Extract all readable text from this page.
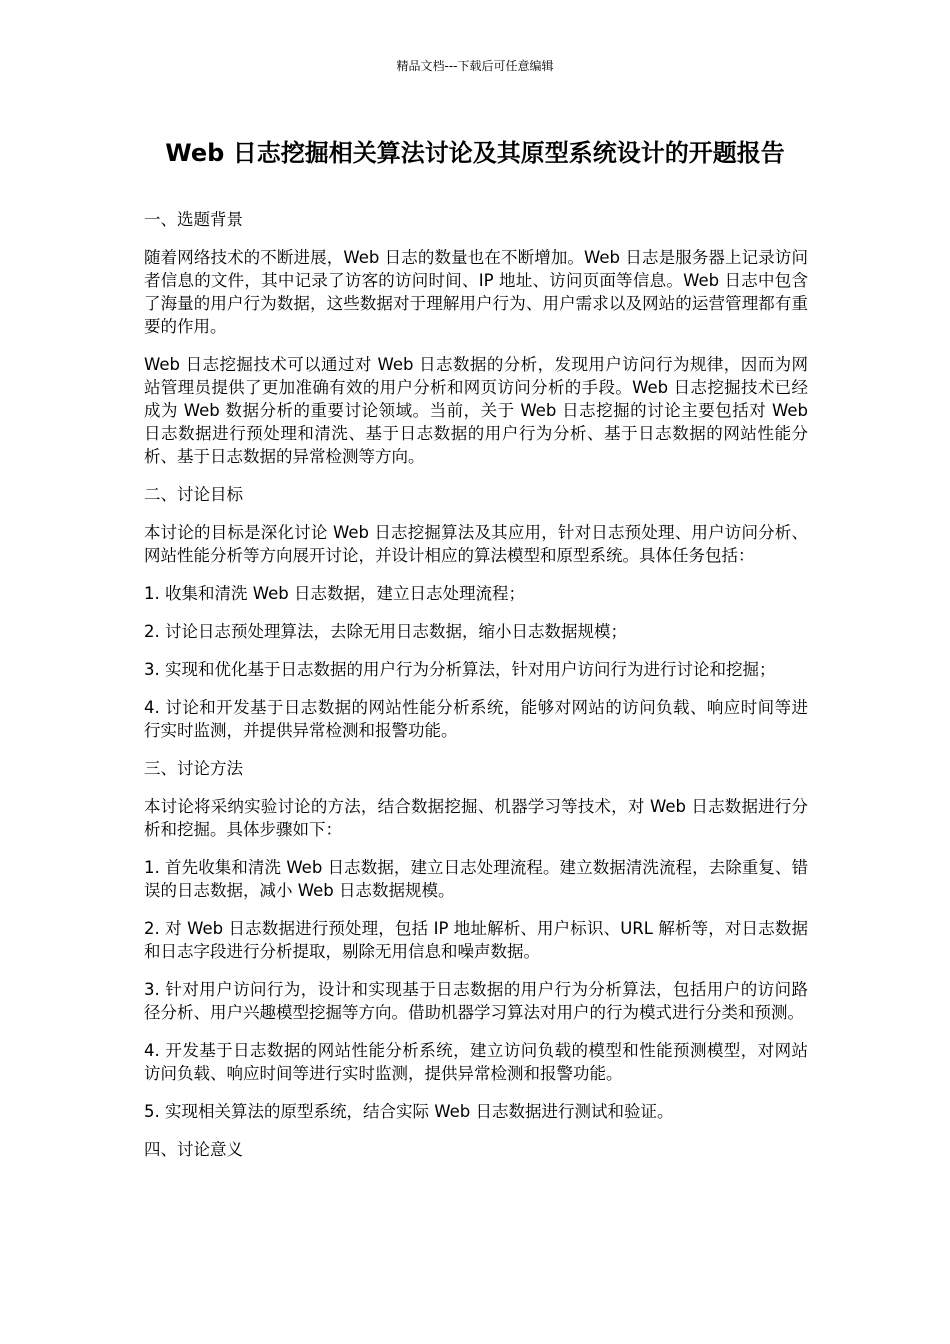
精品文档---下载后可任意编辑
Web 日志挖掘相关算法讨论及其原型系统设计的开题报告
一、选题背景

随着网络技术的不断进展，Web 日志的数量也在不断增加。Web 日志是服务器上记录访问者信息的文件，其中记录了访客的访问时间、IP 地址、访问页面等信息。Web 日志中包含了海量的用户行为数据，这些数据对于理解用户行为、用户需求以及网站的运营管理都有重要的作用。

Web 日志挖掘技术可以通过对 Web 日志数据的分析，发现用户访问行为规律，因而为网站管理员提供了更加准确有效的用户分析和网页访问分析的手段。Web 日志挖掘技术已经成为 Web 数据分析的重要讨论领域。当前，关于 Web 日志挖掘的讨论主要包括对 Web 日志数据进行预处理和清洗、基于日志数据的用户行为分析、基于日志数据的网站性能分析、基于日志数据的异常检测等方向。

二、讨论目标

本讨论的目标是深化讨论 Web 日志挖掘算法及其应用，针对日志预处理、用户访问分析、网站性能分析等方向展开讨论，并设计相应的算法模型和原型系统。具体任务包括：

1. 收集和清洗 Web 日志数据，建立日志处理流程；

2. 讨论日志预处理算法，去除无用日志数据，缩小日志数据规模；

3. 实现和优化基于日志数据的用户行为分析算法，针对用户访问行为进行讨论和挖掘；

4. 讨论和开发基于日志数据的网站性能分析系统，能够对网站的访问负载、响应时间等进行实时监测，并提供异常检测和报警功能。

三、讨论方法

本讨论将采纳实验讨论的方法，结合数据挖掘、机器学习等技术，对 Web 日志数据进行分析和挖掘。具体步骤如下：

1. 首先收集和清洗 Web 日志数据，建立日志处理流程。建立数据清洗流程，去除重复、错误的日志数据，减小 Web 日志数据规模。

2. 对 Web 日志数据进行预处理，包括 IP 地址解析、用户标识、URL 解析等，对日志数据和日志字段进行分析提取，剔除无用信息和噪声数据。

3. 针对用户访问行为，设计和实现基于日志数据的用户行为分析算法，包括用户的访问路径分析、用户兴趣模型挖掘等方向。借助机器学习算法对用户的行为模式进行分类和预测。

4. 开发基于日志数据的网站性能分析系统，建立访问负载的模型和性能预测模型，对网站访问负载、响应时间等进行实时监测，提供异常检测和报警功能。

5. 实现相关算法的原型系统，结合实际 Web 日志数据进行测试和验证。

四、讨论意义
